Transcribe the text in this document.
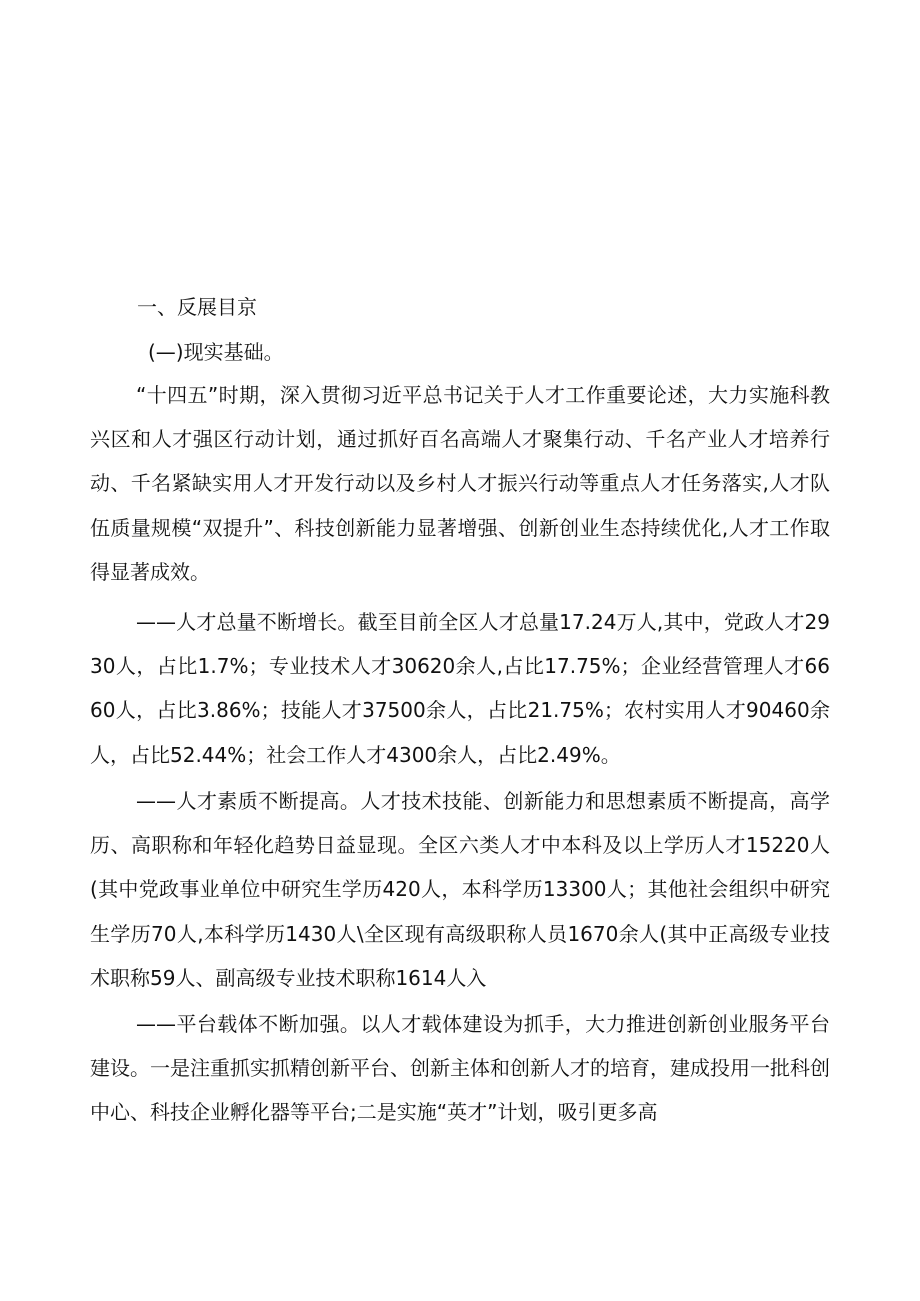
一、反展目京
(—)现实基础。

“十四五”时期，深入贯彻习近平总书记关于人才工作重要论述，大力实施科教兴区和人才强区行动计划，通过抓好百名高端人才聚集行动、千名产业人才培养行动、千名紧缺实用人才开发行动以及乡村人才振兴行动等重点人才任务落实,人才队伍质量规模“双提升”、科技创新能力显著增强、创新创业生态持续优化,人才工作取得显著成效。

——人才总量不断增长。截至目前全区人才总量17.24万人,其中，党政人才2930人，占比1.7%；专业技术人才30620余人,占比17.75%；企业经营管理人才6660人，占比3.86%；技能人才37500余人，占比21.75%；农村实用人才90460余人，占比52.44%；社会工作人才4300余人，占比2.49%。

——人才素质不断提高。人才技术技能、创新能力和思想素质不断提高，高学历、高职称和年轻化趋势日益显现。全区六类人才中本科及以上学历人才15220人(其中党政事业单位中研究生学历420人，本科学历13300人；其他社会组织中研究生学历70人,本科学历1430人\全区现有高级职称人员1670余人(其中正高级专业技术职称59人、副高级专业技术职称1614人入

——平台载体不断加强。以人才载体建设为抓手，大力推进创新创业服务平台建设。一是注重抓实抓精创新平台、创新主体和创新人才的培育，建成投用一批科创中心、科技企业孵化器等平台;二是实施“英才”计划，吸引更多高
